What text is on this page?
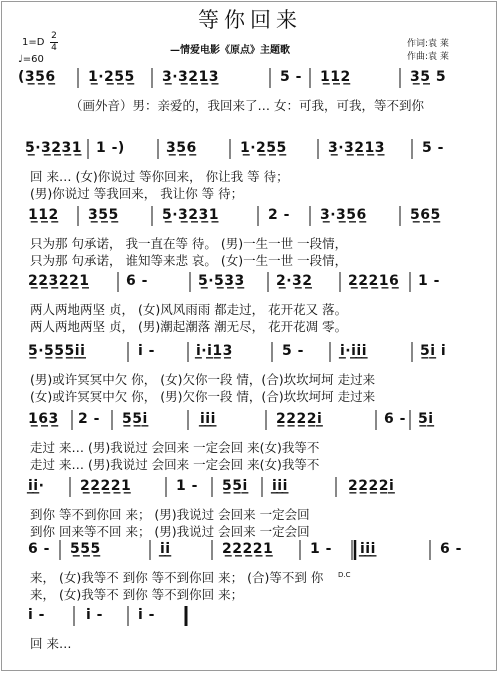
等你回来
1=D
2
4
♩=60
—情爱电影《原点》主题歌
作词:袁 莱
作曲:袁 莱
(3̲5̲6̲ 1̲·2̲5̲5̲ 3̲·3̲2̲1̲3̲	5 - 1̲1̲2̲	3̲5̲ 5
（画外音）男：亲爱的，我回来了… 女：可我，可我，等不到你
5̲·3̲2̲3̲1̲ 1 -)	3̲5̲6̲	1̲·2̲5̲5̲	3̲·3̲2̲1̲3̲	5 -
回 来… (女)你说过 等你回来， 你让我 等 待；
(男)你说过 等我回来， 我让你 等 待；
1̲1̲2̲ 3̲5̲5̲	5̲·3̲2̲3̲1̲	2 - 3̲·3̲5̲6̲	5̲6̲5̲
只为那 句承诺， 我一直在等 待。 (男)一生一世 一段情，
只为那 句承诺， 谁知等来悲 哀。 (女)一生一世 一段情，
2̲2̲3̲2̲2̲1̲	6 -	5̲·5̲3̲3̲ 2̲·3̲2̲	2̲2̲2̲1̲6̲ 1 -
两人两地两坚 贞， (女)风风雨雨 都走过， 花开花又 落。
两人两地两坚 贞， (男)潮起潮落 潮无尽， 花开花凋 零。
5̲·5̲5̲5̲i̲̇i̲̇	i̇ -	i̲̇·i̲̇1̲3̲	5 -	i̲̇·i̲̇i̲̇i̲̇	5̲i̲̇ i̇
(男)或许冥冥中欠 你， (女)欠你一段 情，(合)坎坎坷坷 走过来
(女)或许冥冥中欠 你， (男)欠你一段 情，(合)坎坎坷坷 走过来
1̲6̲3̲ 2 - 5̲5̲i̲̇	i̲̇i̲̇i̲̇	2̲2̲2̲2̲i̲̇	6 - 5̲i̲̇
走过 来… (男)我说过 会回来 一定会回 来(女)我等不
走过 来… (男)我说过 会回来 一定会回 来(女)我等不
i̲̇i̲̇·	2̲2̲2̲2̲1̲	1 - 5̲5̲i̲̇ i̲̇i̲̇i̲̇	2̲2̲2̲2̲i̲̇
到你 等不到你回 来； (男)我说过 会回来 一定会回
到你 回来等不回 来； (男)我说过 会回来 一定会回
6 - 5̲5̲5̲	i̲̇i̲̇	2̲2̲2̲2̲1̲	1 - i̲̇i̲̇i̲̇	6 -
来， (女)我等不 到你 等不到你回 来； (合)等不到 你
来， (女)我等不 到你 等不到你回 来；
i̇ -	i̇ -	i̇ -
回 来…
D.C
